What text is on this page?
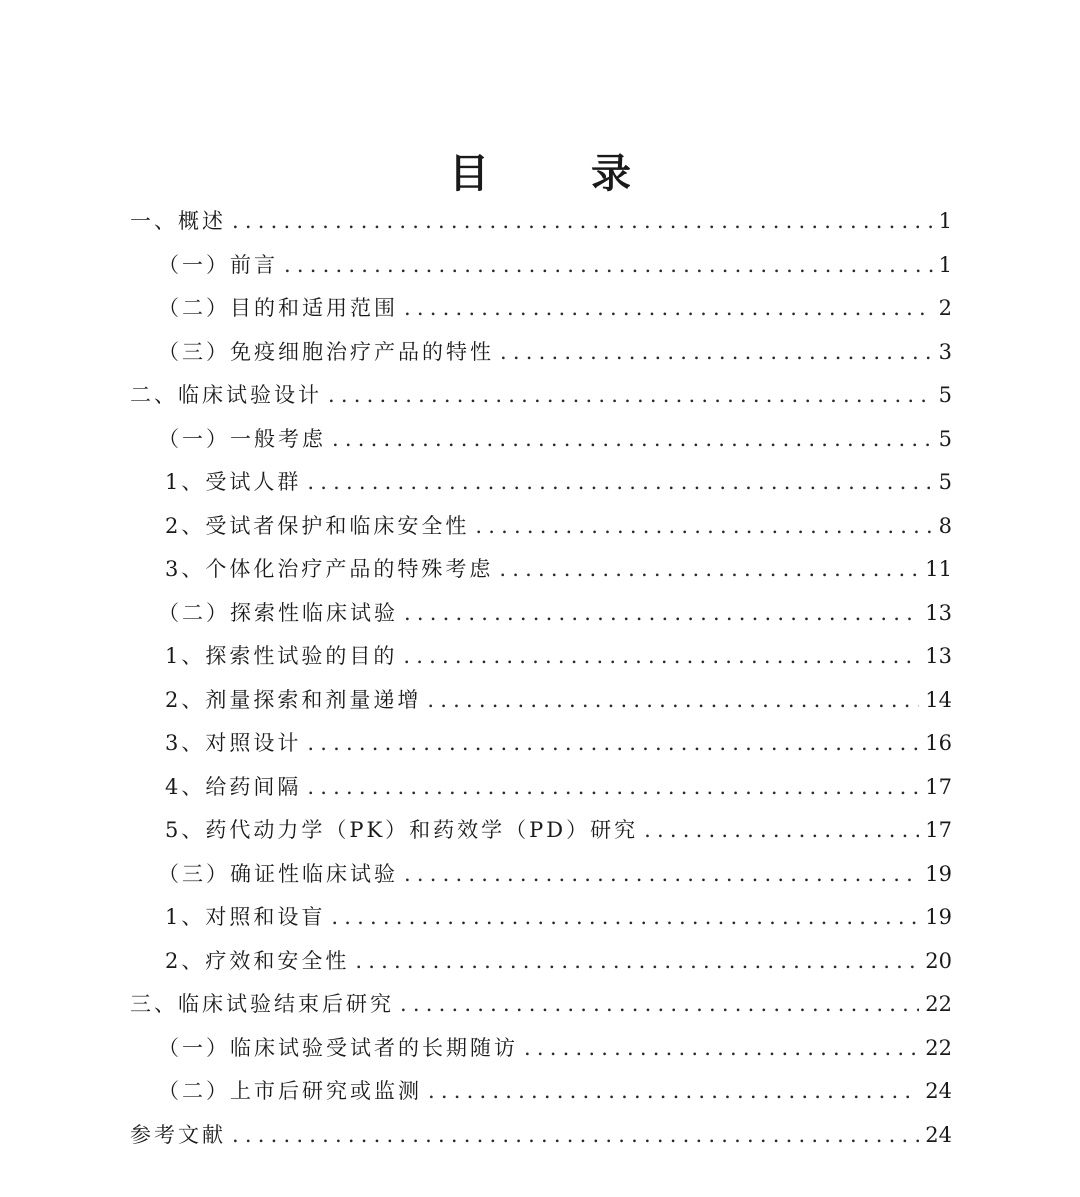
目 录
一、概述 .....	1
（一）前言 .....	1
（二）目的和适用范围 .....	2
（三）免疫细胞治疗产品的特性 .....	3
二、临床试验设计 .....	5
（一）一般考虑 .....	5
1、受试人群 .....	5
2、受试者保护和临床安全性 .....	8
3、个体化治疗产品的特殊考虑 .....	11
（二）探索性临床试验 .....	13
1、探索性试验的目的 .....	13
2、剂量探索和剂量递增 .....	14
3、对照设计 .....	16
4、给药间隔 .....	17
5、药代动力学（PK）和药效学（PD）研究 .....	17
（三）确证性临床试验 .....	19
1、对照和设盲 .....	19
2、疗效和安全性 .....	20
三、临床试验结束后研究 .....	22
（一）临床试验受试者的长期随访 .....	22
（二）上市后研究或监测 .....	24
参考文献 .....	24
